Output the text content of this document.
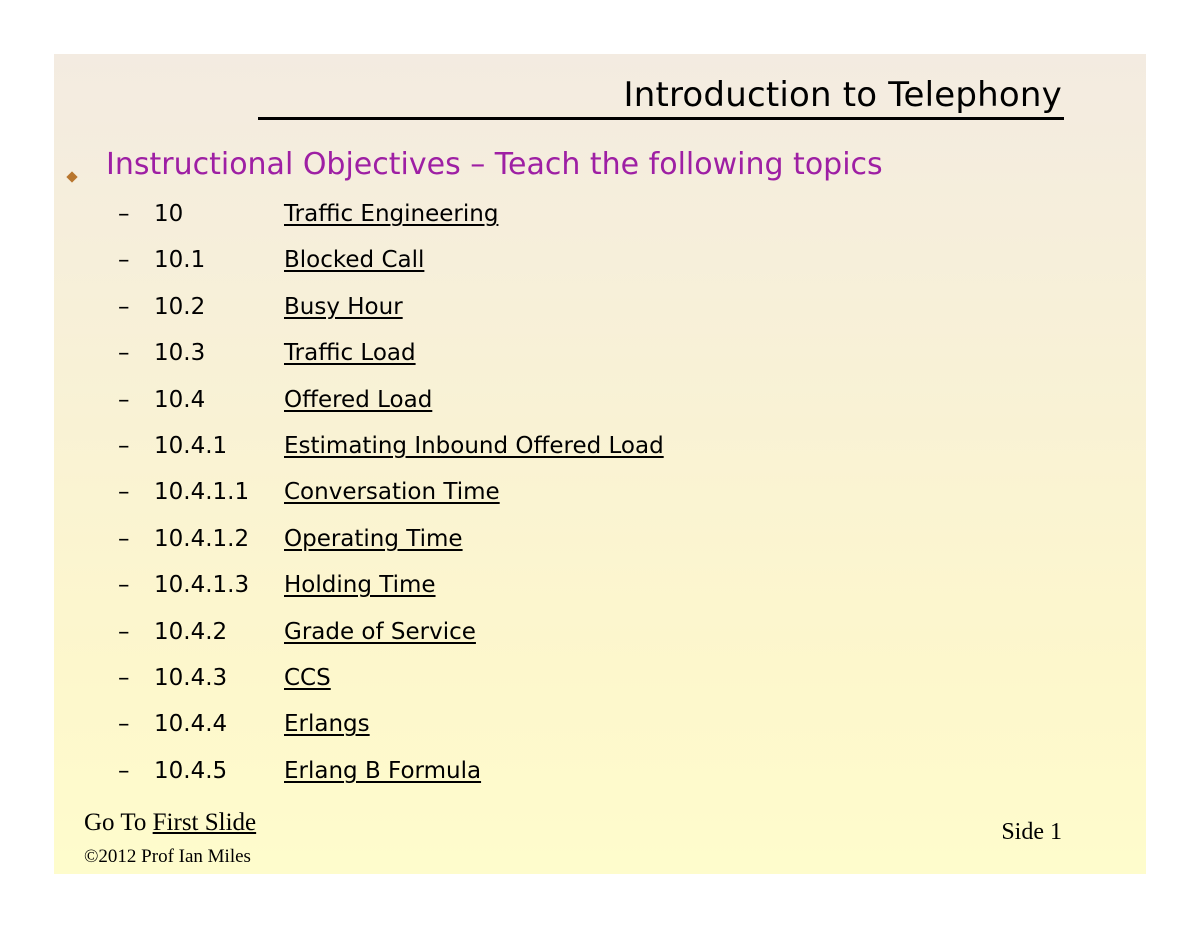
Introduction to Telephony
Instructional Objectives – Teach the following topics
– 10	Traffic Engineering
– 10.1	Blocked Call
– 10.2	Busy Hour
– 10.3	Traffic Load
– 10.4	Offered Load
– 10.4.1 Estimating Inbound Offered Load
– 10.4.1.1 Conversation Time
– 10.4.1.2 Operating Time
– 10.4.1.3 Holding Time
– 10.4.2 Grade of Service
– 10.4.3 CCS
– 10.4.4 Erlangs
– 10.4.5 Erlang B Formula
Go To First Slide
©2012 Prof Ian Miles
Side 1
